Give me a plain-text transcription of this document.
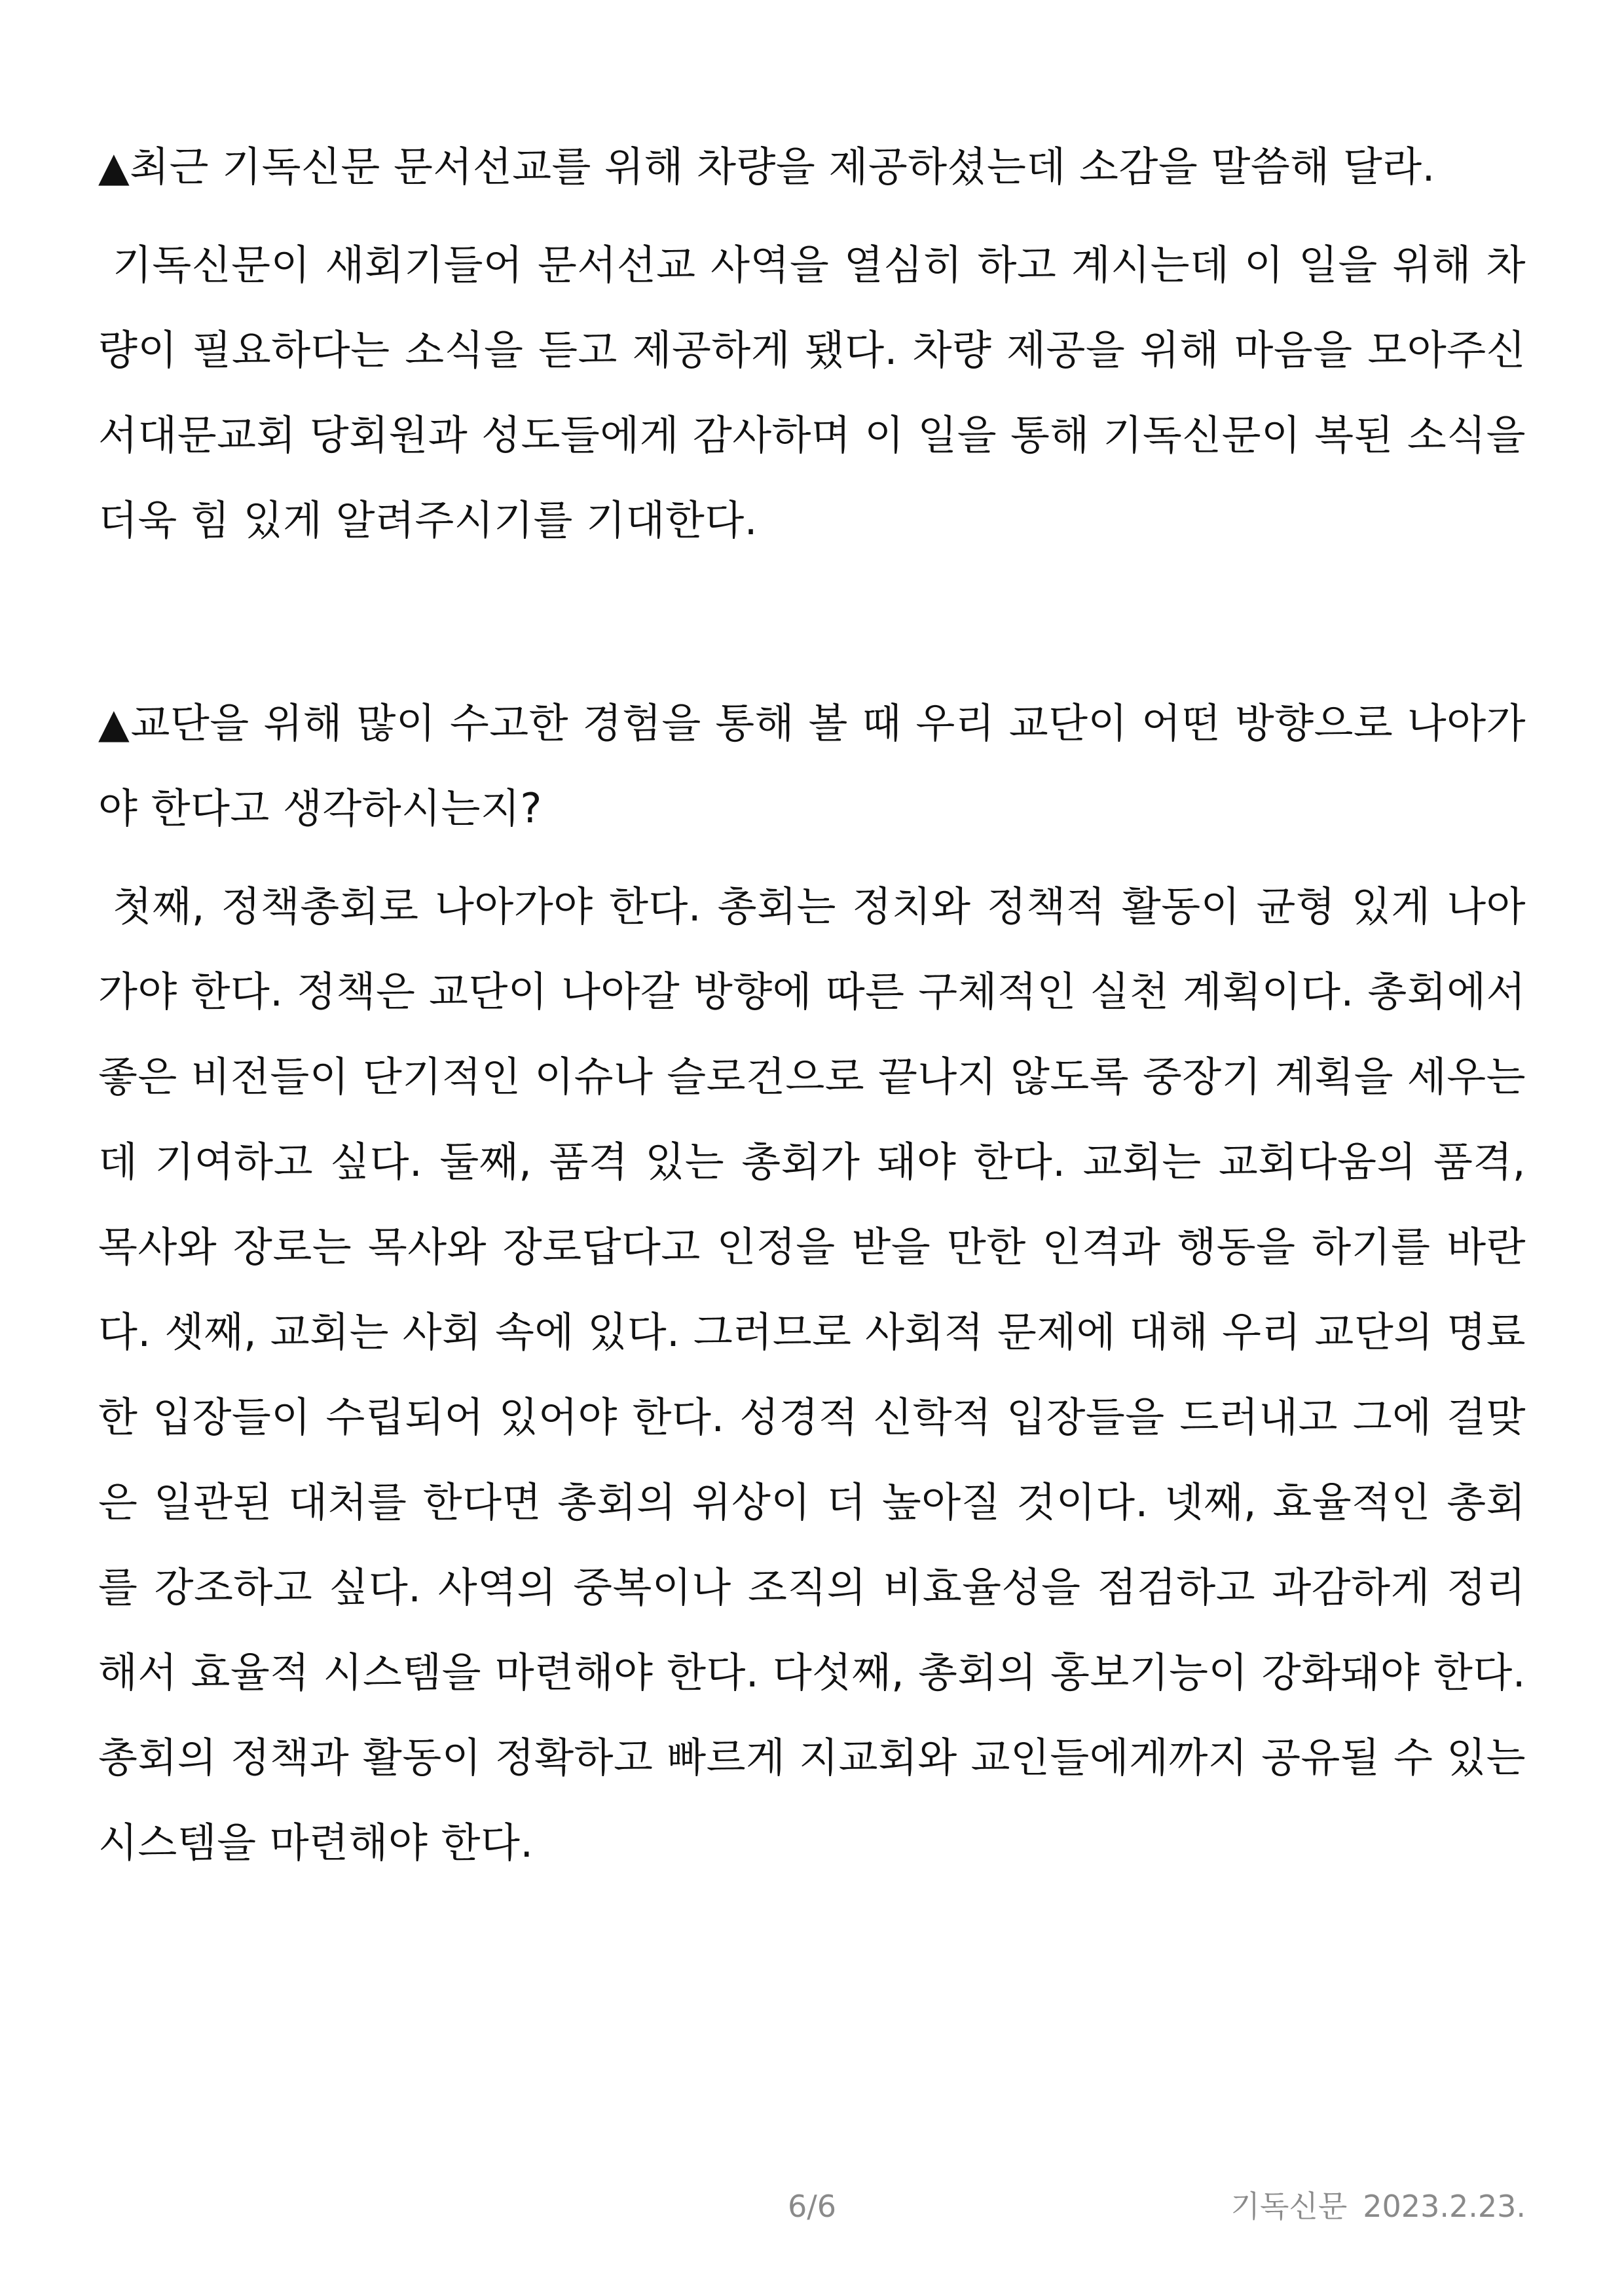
▲최근 기독신문 문서선교를 위해 차량을 제공하셨는데 소감을 말씀해 달라.

기독신문이 새회기들어 문서선교 사역을 열심히 하고 계시는데 이 일을 위해 차량이 필요하다는 소식을 듣고 제공하게 됐다. 차량 제공을 위해 마음을 모아주신 서대문교회 당회원과 성도들에게 감사하며 이 일을 통해 기독신문이 복된 소식을 더욱 힘 있게 알려주시기를 기대한다.

▲교단을 위해 많이 수고한 경험을 통해 볼 때 우리 교단이 어떤 방향으로 나아가야 한다고 생각하시는지?

첫째, 정책총회로 나아가야 한다. 총회는 정치와 정책적 활동이 균형 있게 나아가야 한다. 정책은 교단이 나아갈 방향에 따른 구체적인 실천 계획이다. 총회에서 좋은 비전들이 단기적인 이슈나 슬로건으로 끝나지 않도록 중장기 계획을 세우는 데 기여하고 싶다. 둘째, 품격 있는 총회가 돼야 한다. 교회는 교회다움의 품격, 목사와 장로는 목사와 장로답다고 인정을 받을 만한 인격과 행동을 하기를 바란다. 셋째, 교회는 사회 속에 있다. 그러므로 사회적 문제에 대해 우리 교단의 명료한 입장들이 수립되어 있어야 한다. 성경적 신학적 입장들을 드러내고 그에 걸맞은 일관된 대처를 한다면 총회의 위상이 더 높아질 것이다. 넷째, 효율적인 총회를 강조하고 싶다. 사역의 중복이나 조직의 비효율성을 점검하고 과감하게 정리해서 효율적 시스템을 마련해야 한다. 다섯째, 총회의 홍보기능이 강화돼야 한다. 총회의 정책과 활동이 정확하고 빠르게 지교회와 교인들에게까지 공유될 수 있는 시스템을 마련해야 한다.

6/6	기독신문 2023.2.23.
